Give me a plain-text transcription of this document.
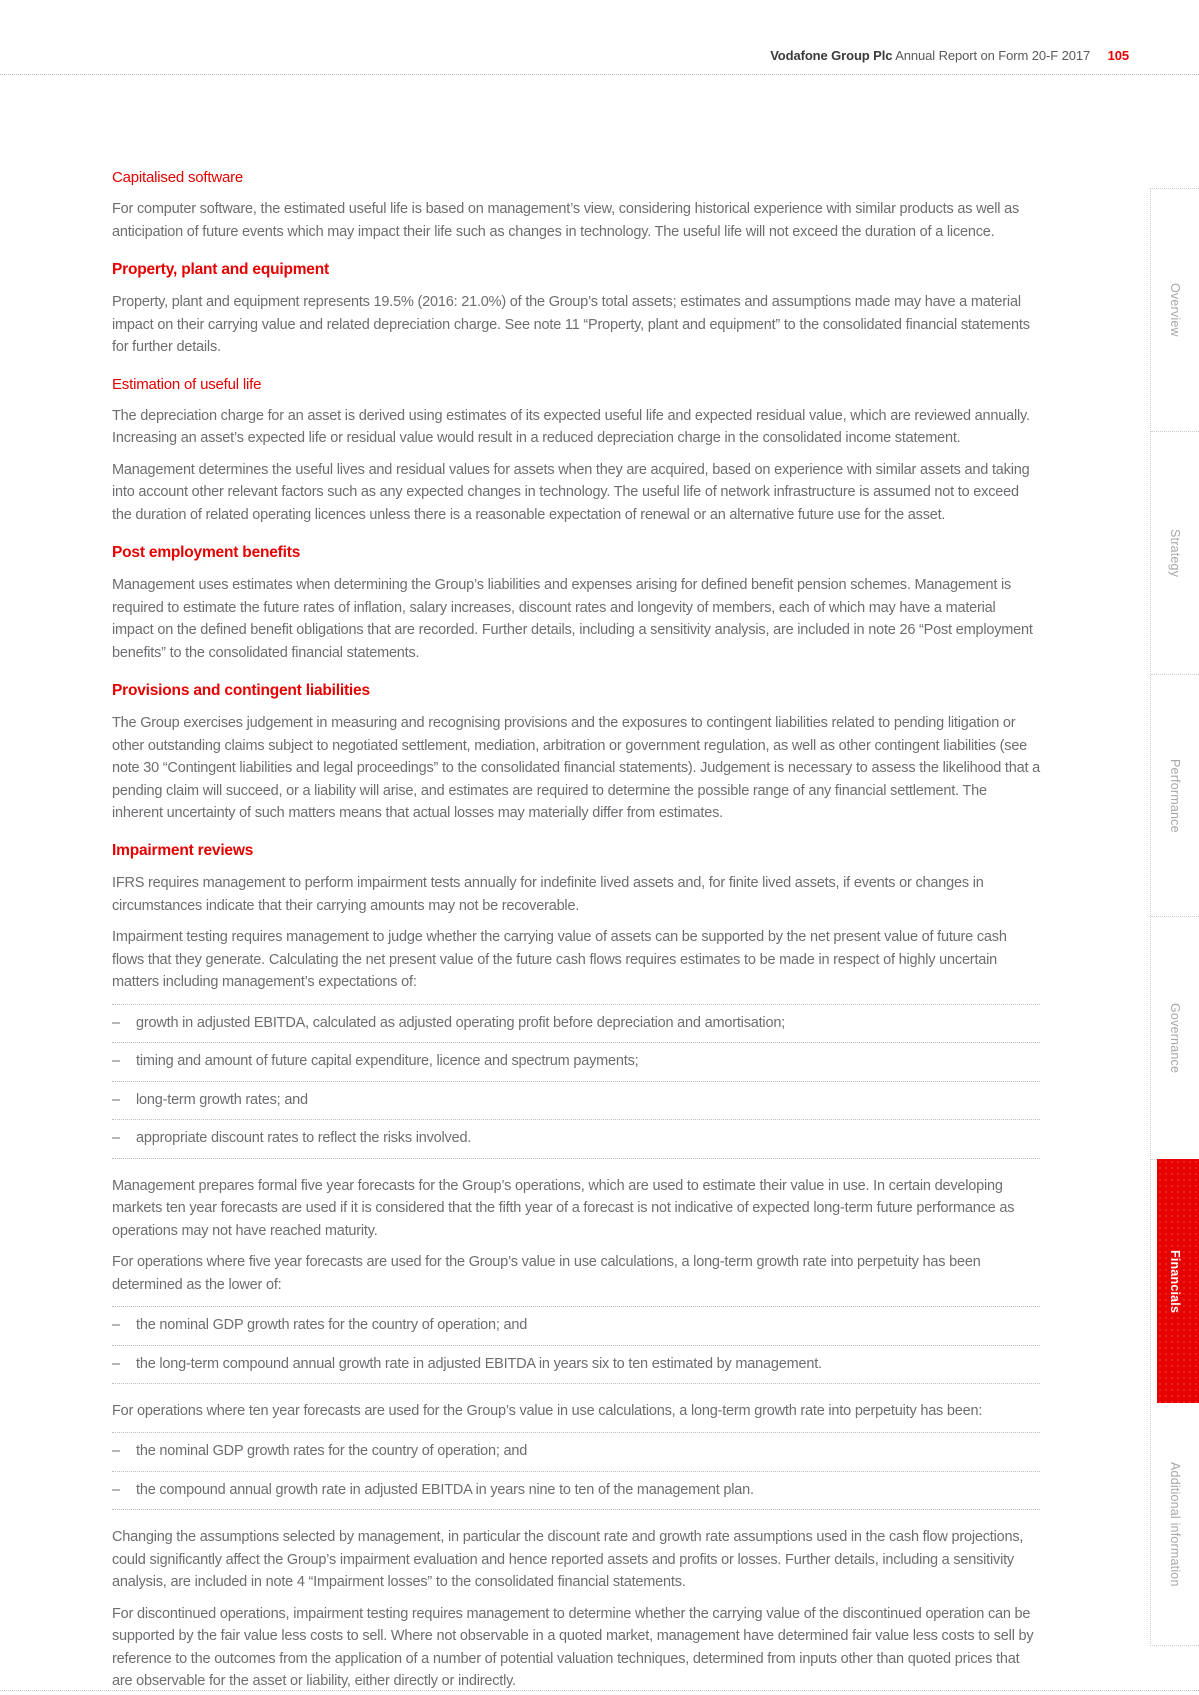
Vodafone Group Plc Annual Report on Form 20-F 2017 105
Capitalised software

For computer software, the estimated useful life is based on management’s view, considering historical experience with similar products as well as anticipation of future events which may impact their life such as changes in technology. The useful life will not exceed the duration of a licence.

Property, plant and equipment

Property, plant and equipment represents 19.5% (2016: 21.0%) of the Group’s total assets; estimates and assumptions made may have a material impact on their carrying value and related depreciation charge. See note 11 “Property, plant and equipment” to the consolidated financial statements for further details.

Estimation of useful life

The depreciation charge for an asset is derived using estimates of its expected useful life and expected residual value, which are reviewed annually. Increasing an asset’s expected life or residual value would result in a reduced depreciation charge in the consolidated income statement.

Management determines the useful lives and residual values for assets when they are acquired, based on experience with similar assets and taking into account other relevant factors such as any expected changes in technology. The useful life of network infrastructure is assumed not to exceed the duration of related operating licences unless there is a reasonable expectation of renewal or an alternative future use for the asset.

Post employment benefits

Management uses estimates when determining the Group’s liabilities and expenses arising for defined benefit pension schemes. Management is required to estimate the future rates of inflation, salary increases, discount rates and longevity of members, each of which may have a material impact on the defined benefit obligations that are recorded. Further details, including a sensitivity analysis, are included in note 26 “Post employment benefits” to the consolidated financial statements.

Provisions and contingent liabilities

The Group exercises judgement in measuring and recognising provisions and the exposures to contingent liabilities related to pending litigation or other outstanding claims subject to negotiated settlement, mediation, arbitration or government regulation, as well as other contingent liabilities (see note 30 “Contingent liabilities and legal proceedings” to the consolidated financial statements). Judgement is necessary to assess the likelihood that a pending claim will succeed, or a liability will arise, and estimates are required to determine the possible range of any financial settlement. The inherent uncertainty of such matters means that actual losses may materially differ from estimates.

Impairment reviews

IFRS requires management to perform impairment tests annually for indefinite lived assets and, for finite lived assets, if events or changes in circumstances indicate that their carrying amounts may not be recoverable.

Impairment testing requires management to judge whether the carrying value of assets can be supported by the net present value of future cash flows that they generate. Calculating the net present value of the future cash flows requires estimates to be made in respect of highly uncertain matters including management’s expectations of:

–	growth in adjusted EBITDA, calculated as adjusted operating profit before depreciation and amortisation;
–	timing and amount of future capital expenditure, licence and spectrum payments;
–	long-term growth rates; and
–	appropriate discount rates to reflect the risks involved.

Management prepares formal five year forecasts for the Group’s operations, which are used to estimate their value in use. In certain developing markets ten year forecasts are used if it is considered that the fifth year of a forecast is not indicative of expected long-term future performance as operations may not have reached maturity.

For operations where five year forecasts are used for the Group’s value in use calculations, a long-term growth rate into perpetuity has been determined as the lower of:

–	the nominal GDP growth rates for the country of operation; and
–	the long-term compound annual growth rate in adjusted EBITDA in years six to ten estimated by management.

For operations where ten year forecasts are used for the Group’s value in use calculations, a long-term growth rate into perpetuity has been:

–	the nominal GDP growth rates for the country of operation; and
–	the compound annual growth rate in adjusted EBITDA in years nine to ten of the management plan.

Changing the assumptions selected by management, in particular the discount rate and growth rate assumptions used in the cash flow projections, could significantly affect the Group’s impairment evaluation and hence reported assets and profits or losses. Further details, including a sensitivity analysis, are included in note 4 “Impairment losses” to the consolidated financial statements.

For discontinued operations, impairment testing requires management to determine whether the carrying value of the discontinued operation can be supported by the fair value less costs to sell. Where not observable in a quoted market, management have determined fair value less costs to sell by reference to the outcomes from the application of a number of potential valuation techniques, determined from inputs other than quoted prices that are observable for the asset or liability, either directly or indirectly.

Overview
Strategy
Performance
Governance
Financials
Additional information
